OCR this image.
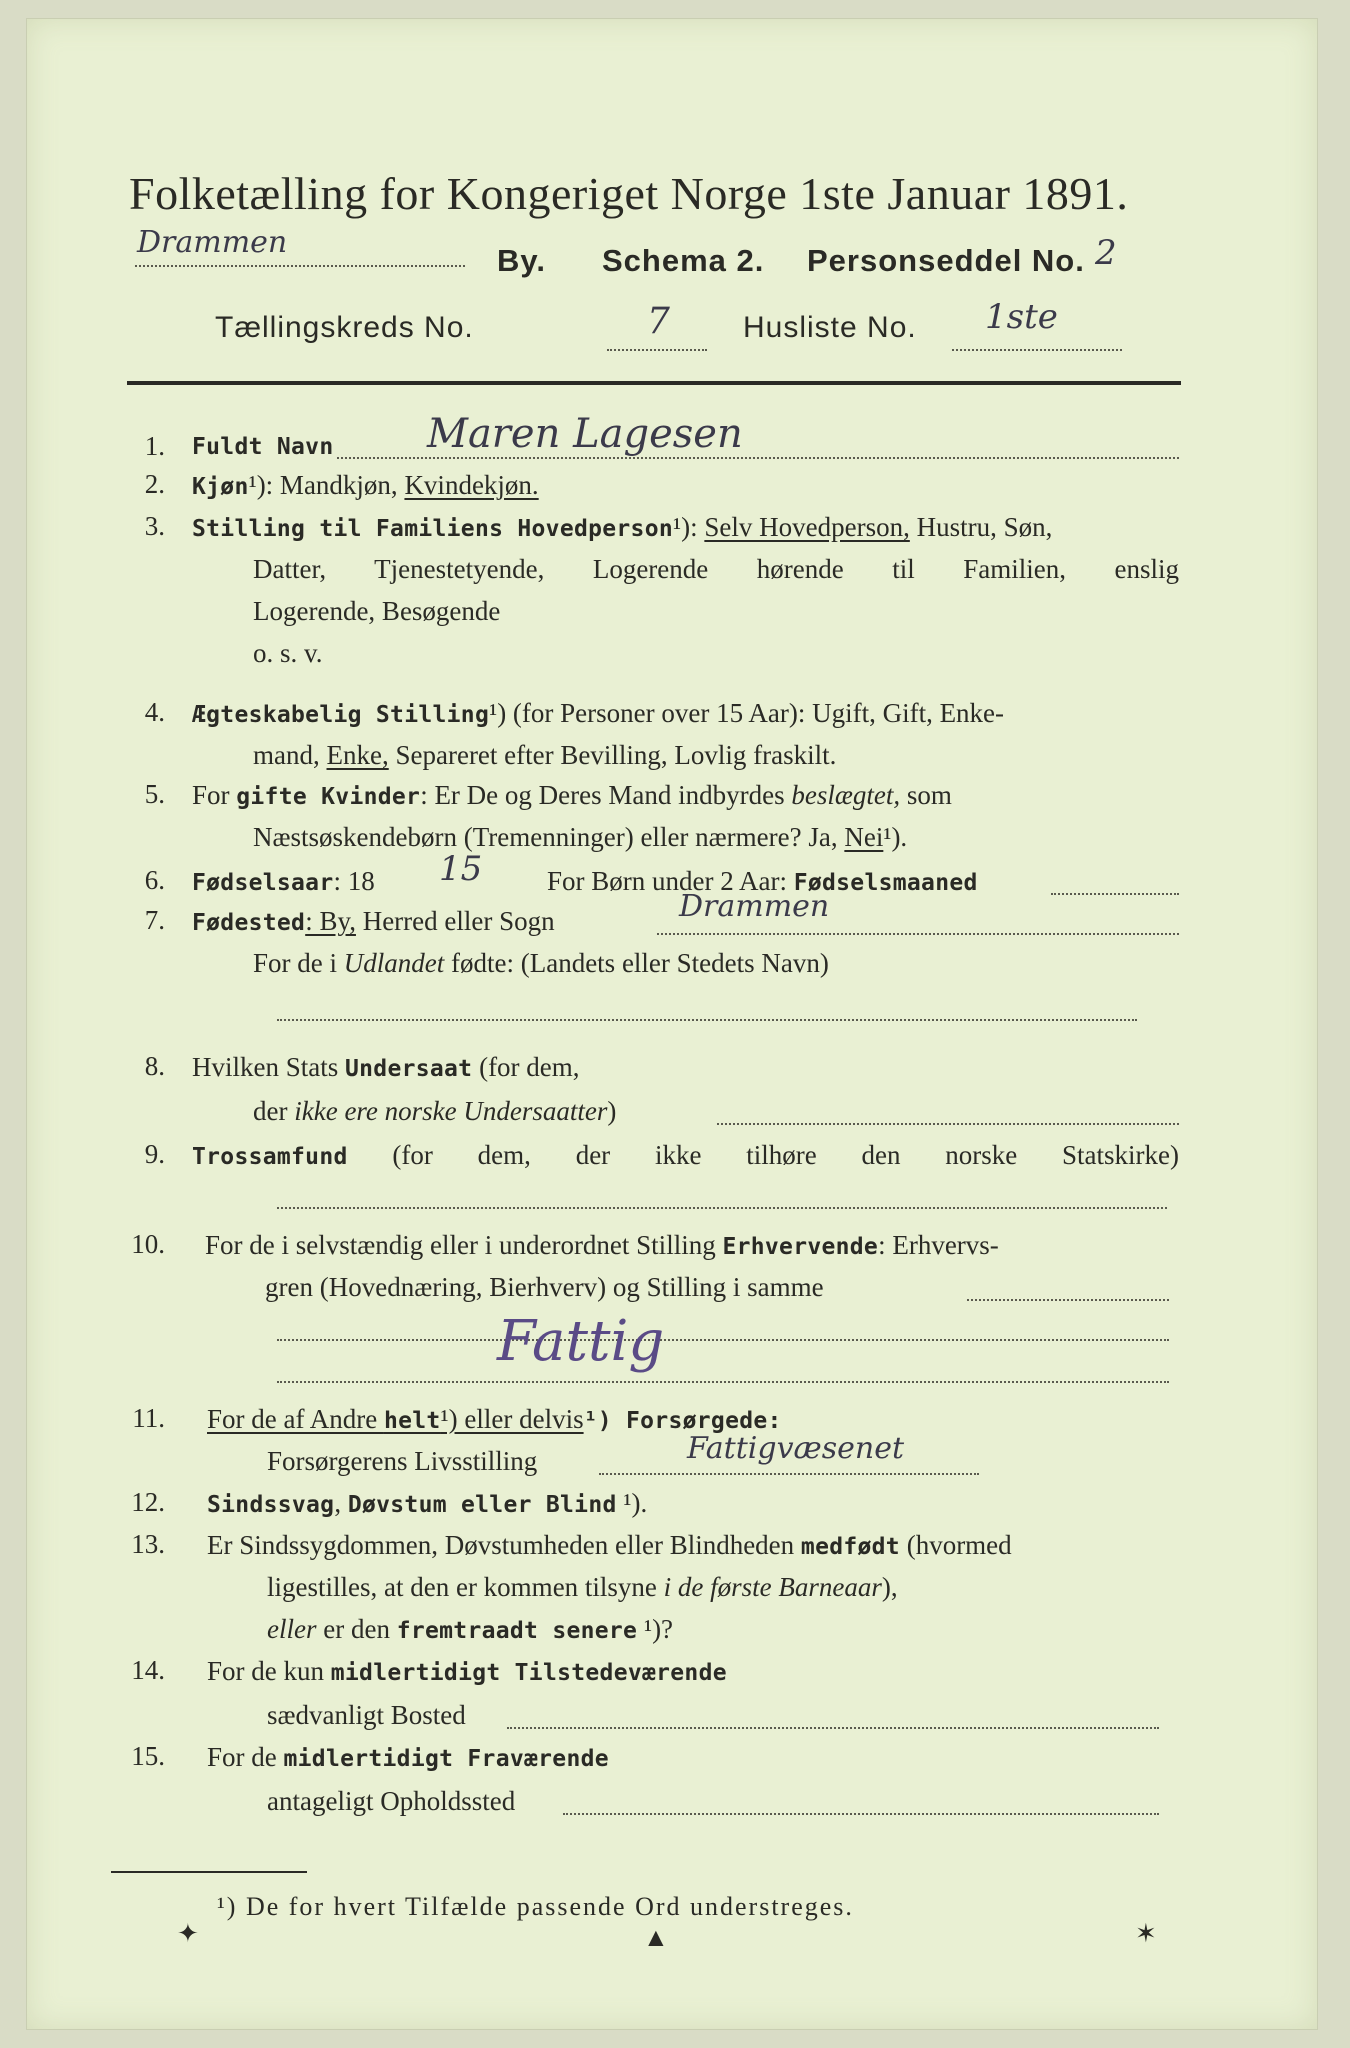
Folketælling for Kongeriget Norge 1ste Januar 1891.
Drammen
By. Schema 2. Personseddel No. 2
Tællingskreds No.	7 Husliste No. 1ste
1. Fuldt Navn Maren Lagesen
2. Kjøn¹): Mandkjøn, Kvindekjøn.
3. Stilling til Familiens Hovedperson¹): Selv Hovedperson, Hustru, Søn,
Datter, Tjenestetyende, Logerende hørende til Familien, enslig
Logerende, Besøgende
o. s. v.
4. Ægteskabelig Stilling¹) (for Personer over 15 Aar): Ugift, Gift, Enke-
mand, Enke, Separeret efter Bevilling, Lovlig fraskilt.
5. For gifte Kvinder: Er De og Deres Mand indbyrdes beslægtet, som
Næstsøskendebørn (Tremenninger) eller nærmere? Ja, Nei¹).
6. Fødselsaar: 18 15 For Børn under 2 Aar: Fødselsmaaned
7. Fødested: By, Herred eller Sogn	Drammen
For de i Udlandet fødte: (Landets eller Stedets Navn)
8. Hvilken Stats Undersaat (for dem,
der ikke ere norske Undersaatter)
9. Trossamfund (for dem, der ikke tilhøre den norske Statskirke)
10. For de i selvstændig eller i underordnet Stilling Erhvervende: Erhvervs-
gren (Hovednæring, Bierhverv) og Stilling i samme
Fattig
11. For de af Andre helt¹) eller delvis¹) Forsørgede:
Forsørgerens Livsstilling	Fattigvæsenet
12. Sindssvag, Døvstum eller Blind ¹).
13. Er Sindssygdommen, Døvstumheden eller Blindheden medfødt (hvormed
ligestilles, at den er kommen tilsyne i de første Barneaar),
eller er den fremtraadt senere ¹)?
14. For de kun midlertidigt Tilstedeværende
sædvanligt Bosted
15. For de midlertidigt Fraværende
antageligt Opholdssted
¹) De for hvert Tilfælde passende Ord understreges.
✦	▲	✶
